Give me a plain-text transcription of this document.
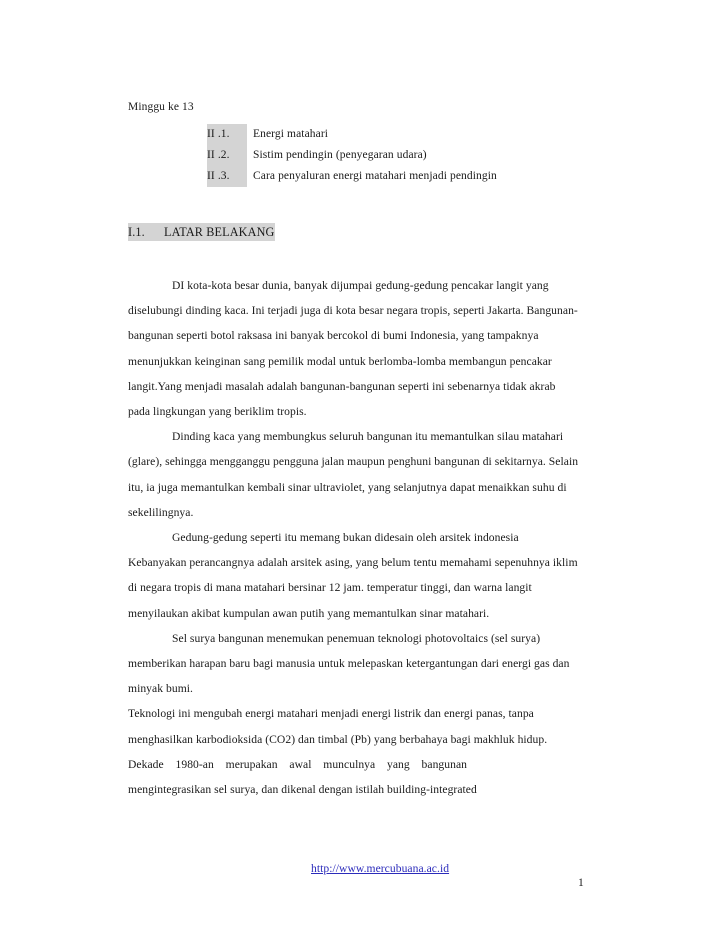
Minggu ke 13

II .1.	Energi matahari
II .2.	Sistim pendingin (penyegaran udara)
II .3.	Cara penyaluran energi matahari menjadi pendingin
I.1.      LATAR BELAKANG

DI kota-kota besar dunia, banyak dijumpai gedung-gedung pencakar langit yang diselubungi dinding kaca. Ini terjadi juga di kota besar negara tropis, seperti Jakarta. Bangunan-bangunan seperti botol raksasa ini banyak bercokol di bumi Indonesia, yang tampaknya menunjukkan keinginan sang pemilik modal untuk berlomba-lomba membangun pencakar langit.Yang menjadi masalah adalah bangunan-bangunan seperti ini sebenarnya tidak akrab pada lingkungan yang beriklim tropis.

Dinding kaca yang membungkus seluruh bangunan itu memantulkan silau matahari (glare), sehingga mengganggu pengguna jalan maupun penghuni bangunan di sekitarnya. Selain itu, ia juga memantulkan kembali sinar ultraviolet, yang selanjutnya dapat menaikkan suhu di sekelilingnya.

Gedung-gedung seperti itu memang bukan didesain oleh arsitek indonesia Kebanyakan perancangnya adalah arsitek asing, yang belum tentu memahami sepenuhnya iklim di negara tropis di mana matahari bersinar 12 jam. temperatur tinggi, dan warna langit menyilaukan akibat kumpulan awan putih yang memantulkan sinar matahari.

Sel surya bangunan menemukan penemuan teknologi photovoltaics (sel surya) memberikan harapan baru bagi manusia untuk melepaskan ketergantungan dari energi gas dan minyak bumi.

Teknologi ini mengubah energi matahari menjadi energi listrik dan energi panas, tanpa menghasilkan karbodioksida (CO2) dan timbal (Pb) yang berbahaya bagi makhluk hidup.

Dekade    1980-an    merupakan    awal    munculnya    yang    bangunan

mengintegrasikan sel surya, dan dikenal dengan istilah building-integrated

http://www.mercubuana.ac.id
1
